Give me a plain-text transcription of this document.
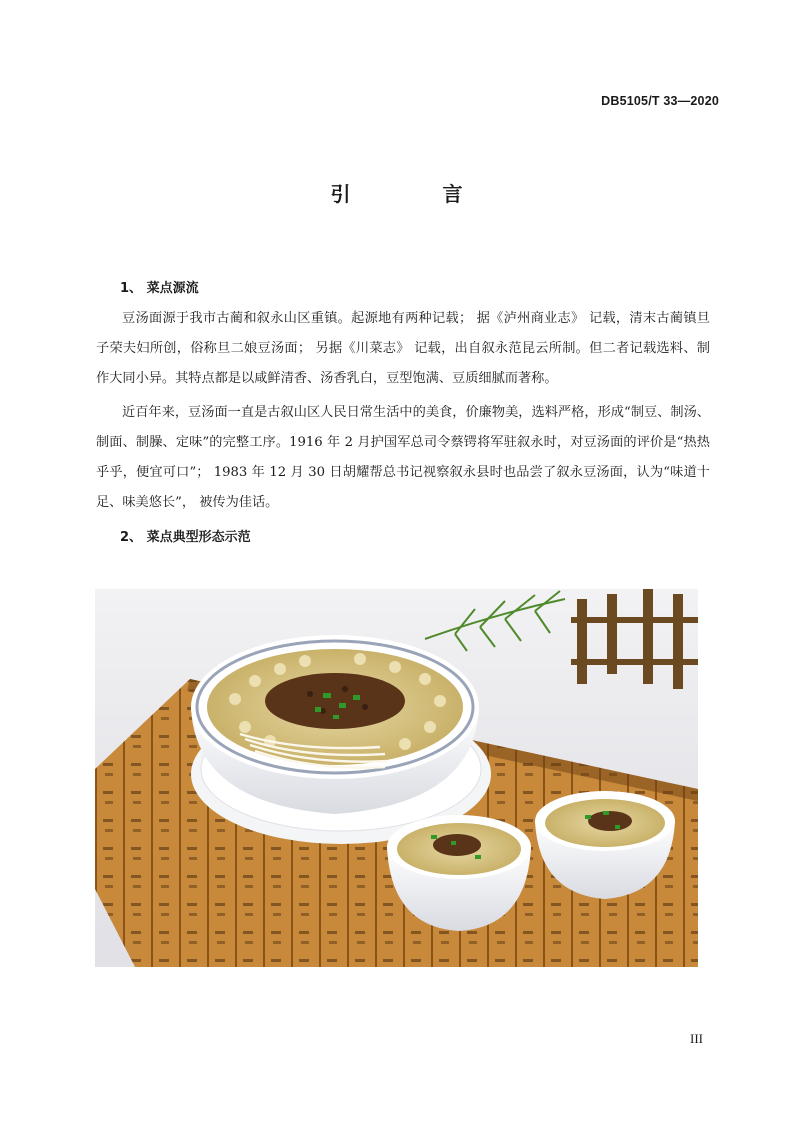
DB5105/T 33—2020
引　言
1、 菜点源流

豆汤面源于我市古蔺和叙永山区重镇。起源地有两种记载； 据《泸州商业志》 记载，清末古蔺镇旦子荣夫妇所创，俗称旦二娘豆汤面； 另据《川菜志》 记载，出自叙永范昆云所制。但二者记载选料、制作大同小异。其特点都是以咸鲜清香、汤香乳白，豆型饱满、豆质细腻而著称。

近百年来，豆汤面一直是古叙山区人民日常生活中的美食，价廉物美，选料严格，形成“制豆、制汤、制面、制臊、定味”的完整工序。1916 年 2 月护国军总司令蔡锷将军驻叙永时，对豆汤面的评价是“热热乎乎，便宜可口”； 1983 年 12 月 30 日胡耀帮总书记视察叙永县时也品尝了叙永豆汤面，认为“味道十足、味美悠长”， 被传为佳话。

2、 菜点典型形态示范
III
